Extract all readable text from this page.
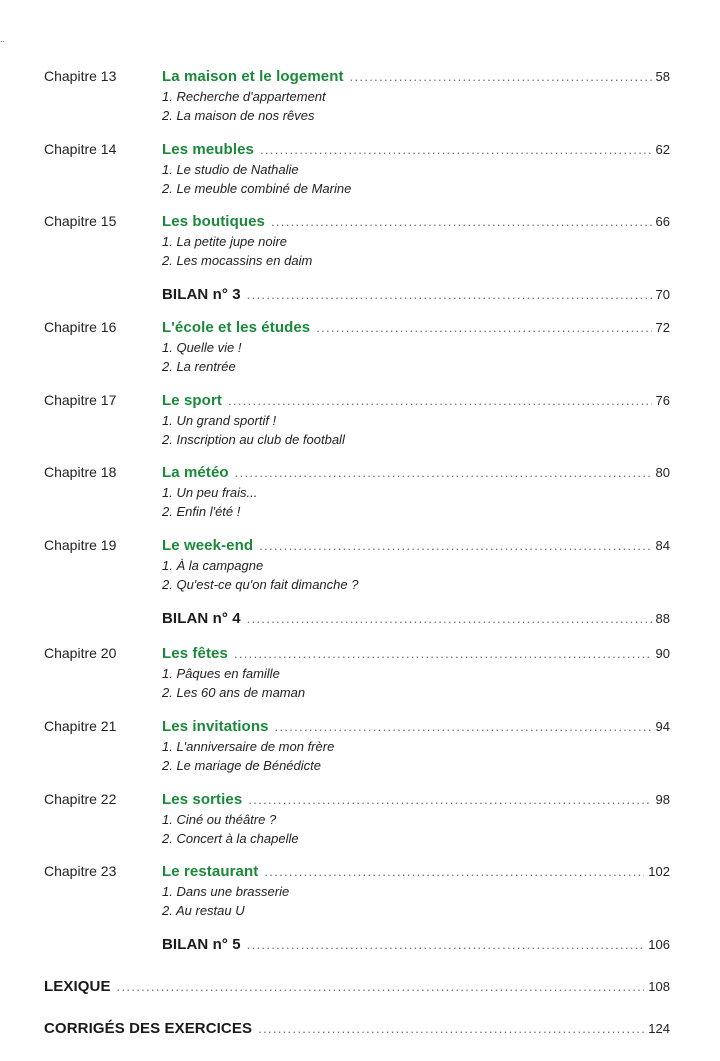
..
Chapitre 13	La maison et le logement .....	58
1. Recherche d'appartement
2. La maison de nos rêves
Chapitre 14	Les meubles .....	62
1. Le studio de Nathalie
2. Le meuble combiné de Marine
Chapitre 15	Les boutiques .....	66
1. La petite jupe noire
2. Les mocassins en daim
BILAN n° 3 .....	70
Chapitre 16	L'école et les études .....	72
1. Quelle vie !
2. La rentrée
Chapitre 17	Le sport .....	76
1. Un grand sportif !
2. Inscription au club de football
Chapitre 18	La météo .....	80
1. Un peu frais...
2. Enfin l'été !
Chapitre 19	Le week-end .....	84
1. À la campagne
2. Qu'est-ce qu'on fait dimanche ?
BILAN n° 4 .....	88
Chapitre 20	Les fêtes .....	90
1. Pâques en famille
2. Les 60 ans de maman
Chapitre 21	Les invitations .....	94
1. L'anniversaire de mon frère
2. Le mariage de Bénédicte
Chapitre 22	Les sorties .....	98
1. Ciné ou théâtre ?
2. Concert à la chapelle
Chapitre 23	Le restaurant .....	102
1. Dans une brasserie
2. Au restau U
BILAN n° 5 .....	106
LEXIQUE .....	108
CORRIGÉS DES EXERCICES .....	124
